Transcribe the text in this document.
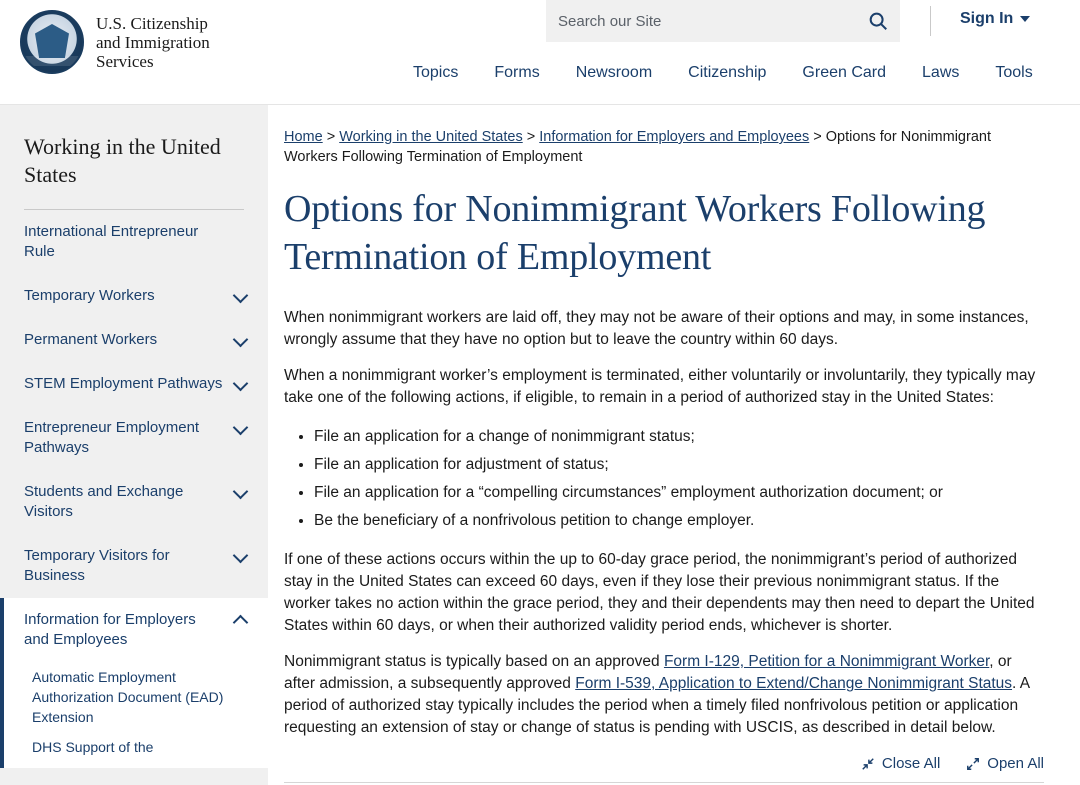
U.S. Citizenship
and Immigration
Services
Search our Site
Sign In
Topics	Forms	Newsroom	Citizenship	Green Card	Laws	Tools
Working in the United States
International Entrepreneur Rule
Temporary Workers
Permanent Workers
STEM Employment Pathways
Entrepreneur Employment Pathways
Students and Exchange Visitors
Temporary Visitors for Business
Information for Employers and Employees
Automatic Employment Authorization Document (EAD) Extension
DHS Support of the
Home > Working in the United States > Information for Employers and Employees > Options for Nonimmigrant Workers Following Termination of Employment
Options for Nonimmigrant Workers Following Termination of Employment

When nonimmigrant workers are laid off, they may not be aware of their options and may, in some instances, wrongly assume that they have no option but to leave the country within 60 days.

When a nonimmigrant worker’s employment is terminated, either voluntarily or involuntarily, they typically may take one of the following actions, if eligible, to remain in a period of authorized stay in the United States:

• File an application for a change of nonimmigrant status;
• File an application for adjustment of status;
• File an application for a “compelling circumstances” employment authorization document; or
• Be the beneficiary of a nonfrivolous petition to change employer.

If one of these actions occurs within the up to 60-day grace period, the nonimmigrant’s period of authorized stay in the United States can exceed 60 days, even if they lose their previous nonimmigrant status. If the worker takes no action within the grace period, they and their dependents may then need to depart the United States within 60 days, or when their authorized validity period ends, whichever is shorter.

Nonimmigrant status is typically based on an approved Form I-129, Petition for a Nonimmigrant Worker, or after admission, a subsequently approved Form I-539, Application to Extend/Change Nonimmigrant Status. A period of authorized stay typically includes the period when a timely filed nonfrivolous petition or application requesting an extension of stay or change of status is pending with USCIS, as described in detail below.

Close All	Open All
